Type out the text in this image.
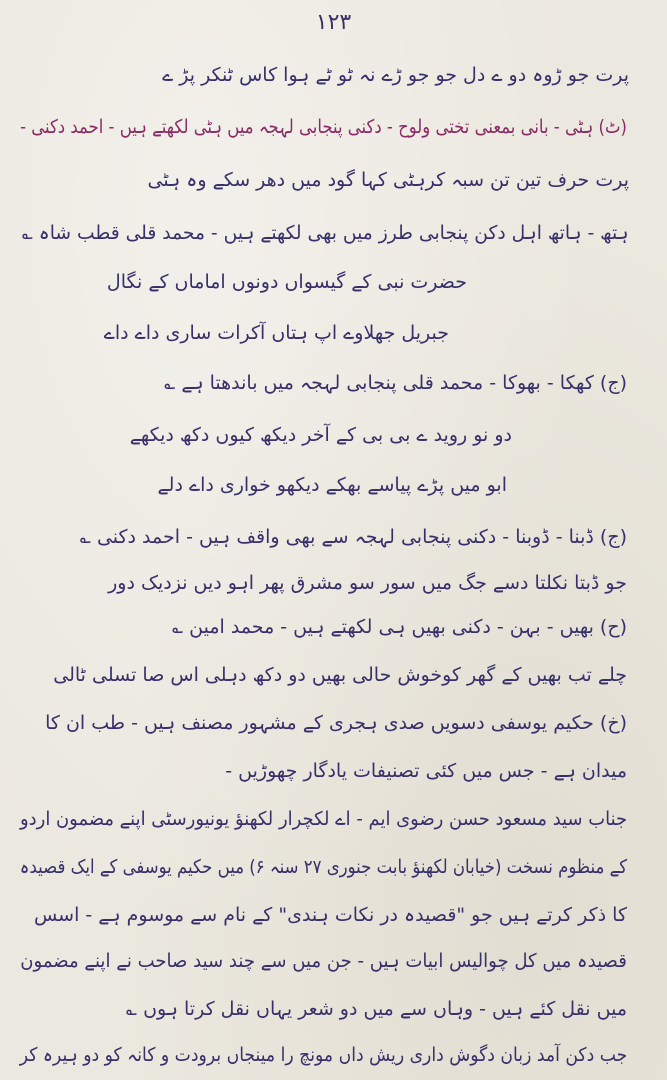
۱۲۳
پرت جو ڑوہ دو ے دل جو جو ڑے نہ ٹو ٹے ہوا کاس ٹنکر پڑ ے
(ٹ) ہٹی - بانی بمعنی تختی ولوح - دکنی پنجابی لہجہ میں ہٹی لکھتے ہیں - احمد دکنی -
پرت حرف تین تن سبہ کرہٹی کہا گود میں دھر سکے وہ ہٹی
ہتھ - ہاتھ اہل دکن پنجابی طرز میں بھی لکھتے ہیں - محمد قلی قطب شاہ ؎
حضرت نبی کے گیسواں دونوں اماماں کے نگال
جبریل جھلاوے اپ ہتاں آکرات ساری داے داے
(ج) کھکا - بھوکا - محمد قلی پنجابی لہجہ میں باندھتا ہے ؎
دو نو روید ے بی بی کے آخر دیکھ کیوں دکھ دیکھے
ابو میں پڑے پیاسے بھکے دیکھو خواری داے دلے
(ج) ڈبنا - ڈوبنا - دکنی پنجابی لہجہ سے بھی واقف ہیں - احمد دکنی ؎
جو ڈبتا نکلتا دسے جگ میں سور سو مشرق پھر اہو دیں نزدیک دور
(ح) بھیں - بہن - دکنی بھیں ہی لکھتے ہیں - محمد امین ؎
چلے تب بھیں کے گھر کوخوش حالی بھیں دو دکھ دہلی اس صا تسلی ٹالی
(خ) حکیم یوسفی دسویں صدی ہجری کے مشہور مصنف ہیں - طب ان کا
میدان ہے - جس میں کئی تصنیفات یادگار چھوڑیں -
جناب سید مسعود حسن رضوی ایم - اے لکچرار لکھنؤ یونیورسٹی اپنے مضمون اردو
کے منظوم نسخت (خیابان لکھنؤ بابت جنوری ۲۷ سنہ ۶) میں حکیم یوسفی کے ایک قصیدہ
کا ذکر کرتے ہیں جو "قصیدہ در نکات ہندی" کے نام سے موسوم ہے - اسس
قصیدہ میں کل چوالیس ابیات ہیں - جن میں سے چند سید صاحب نے اپنے مضمون
میں نقل کئے ہیں - وہاں سے میں دو شعر یہاں نقل کرتا ہوں ؎
جب دکن آمد زبان دگوش داری ریش داں مونچ را مینجاں برودت و کانہ کو دو ہیرہ کر
